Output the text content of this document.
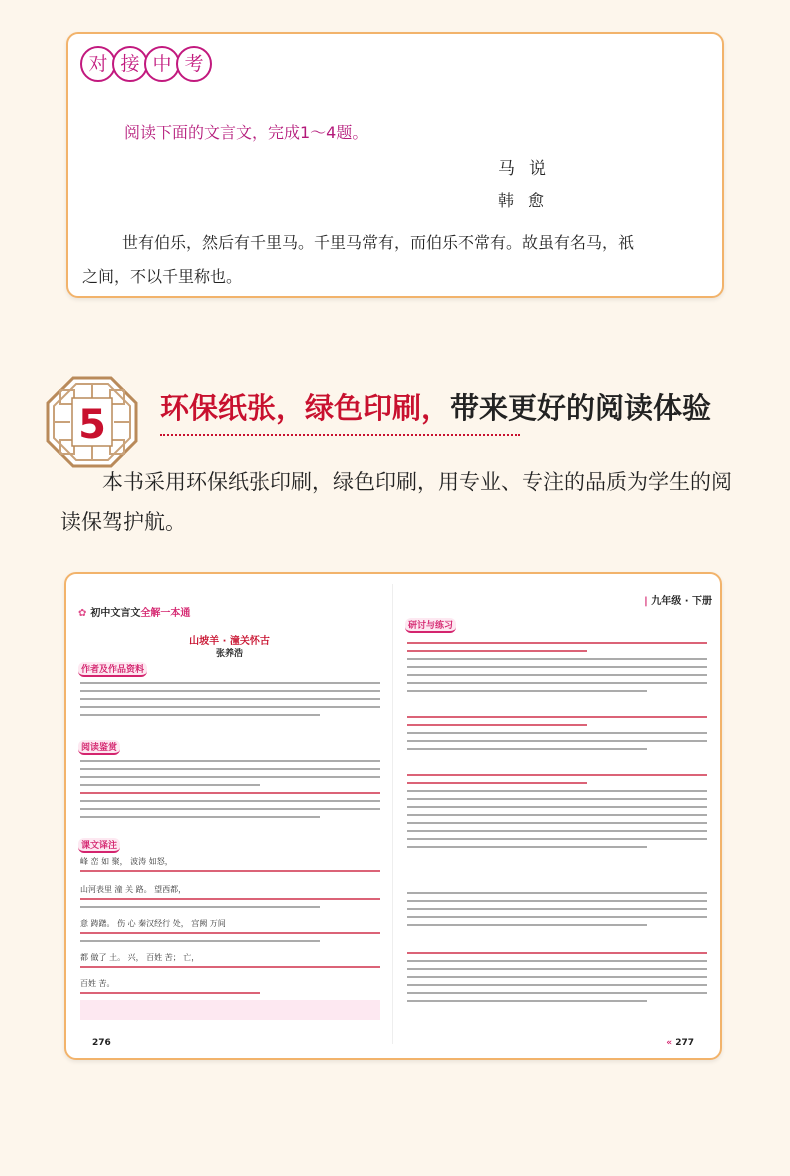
对 接 中 考
阅读下面的文言文，完成1～4题。
马说
韩愈
世有伯乐，然后有千里马。千里马常有，而伯乐不常有。故虽有名马，祇
之间，不以千里称也。
5 环保纸张，绿色印刷，带来更好的阅读体验
本书采用环保纸张印刷，绿色印刷，用专业、专注的品质为学生的阅读保驾护航。
✿ 初中文言文全解一本通
山坡羊 · 潼关怀古
张养浩
作者及作品资料
阅读鉴赏
课文译注
峰 峦 如 聚， 波涛 如怒，
山河表里 潼 关 路。 望西都，
意 踌躇。 伤 心 秦汉经行 处， 宫阙 万间
都 做了 土。 兴， 百姓 苦； 亡，
百姓 苦。
276
| 九年级 · 下册
研讨与练习
« 277
